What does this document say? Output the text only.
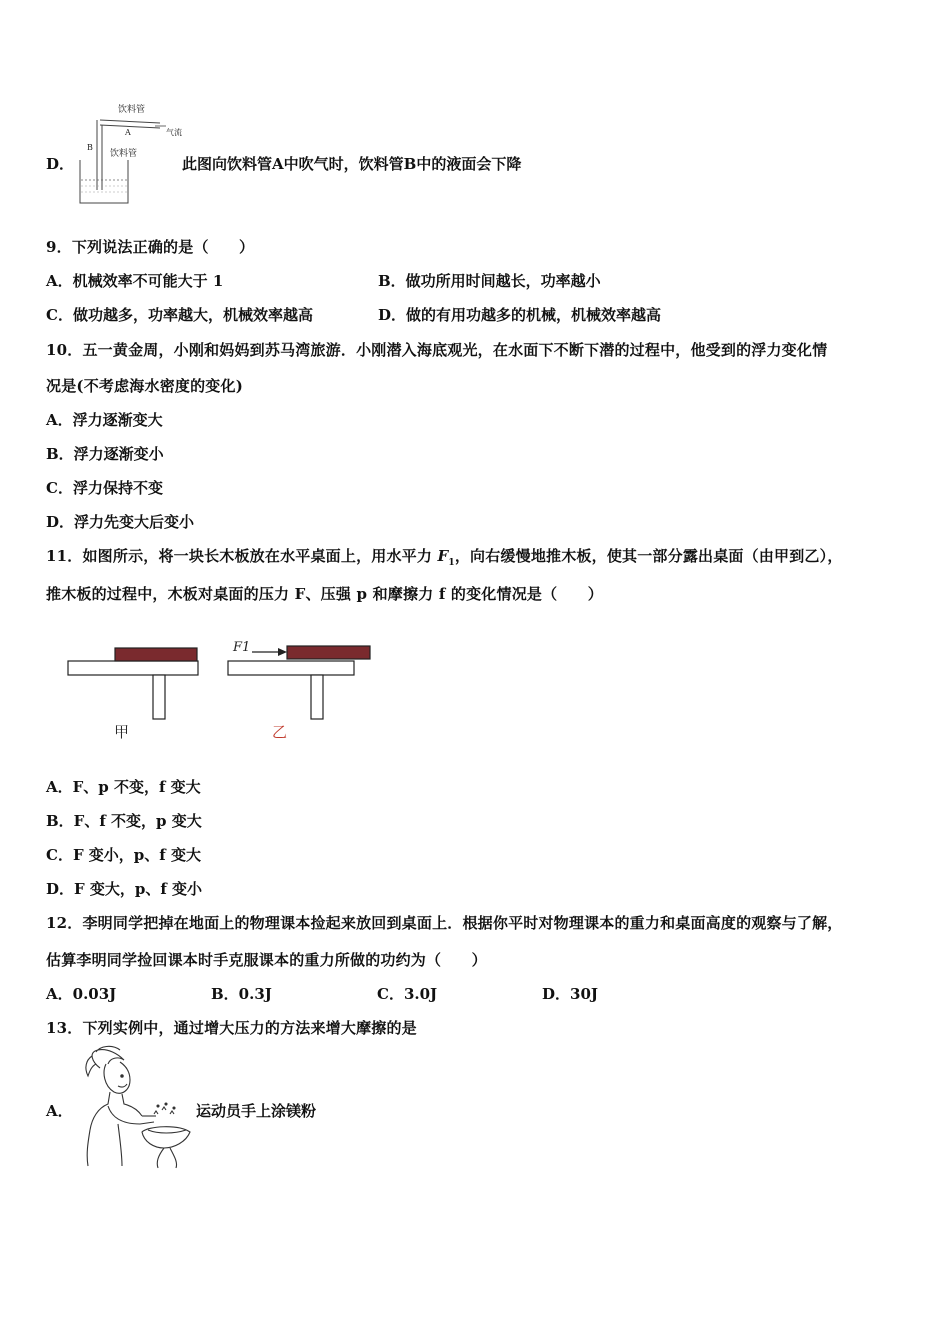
饮料管
A	气流
B
饮料管
D．	此图向饮料管A中吹气时，饮料管B中的液面会下降
9．下列说法正确的是（　　）
A．机械效率不可能大于 1	B．做功所用时间越长，功率越小
C．做功越多，功率越大，机械效率越高	D．做的有用功越多的机械，机械效率越高
10．五一黄金周，小刚和妈妈到苏马湾旅游．小刚潜入海底观光，在水面下不断下潜的过程中，他受到的浮力变化情
况是(不考虑海水密度的变化)
A．浮力逐渐变大
B．浮力逐渐变小
C．浮力保持不变
D．浮力先变大后变小
11．如图所示，将一块长木板放在水平桌面上，用水平力 $F_1$，向右缓慢地推木板，使其一部分露出桌面（由甲到乙），
推木板的过程中，木板对桌面的压力 F、压强 p 和摩擦力 f 的变化情况是（　　）
F1
甲	乙
A．F、p 不变，f 变大
B．F、f 不变，p 变大
C．F 变小，p、f 变大
D．F 变大，p、f 变小
12．李明同学把掉在地面上的物理课本捡起来放回到桌面上．根据你平时对物理课本的重力和桌面高度的观察与了解，
估算李明同学捡回课本时手克服课本的重力所做的功约为（　　）
A．0.03J	B．0.3J	C．3.0J	D．30J
13．下列实例中，通过增大压力的方法来增大摩擦的是
A．	运动员手上涂镁粉
